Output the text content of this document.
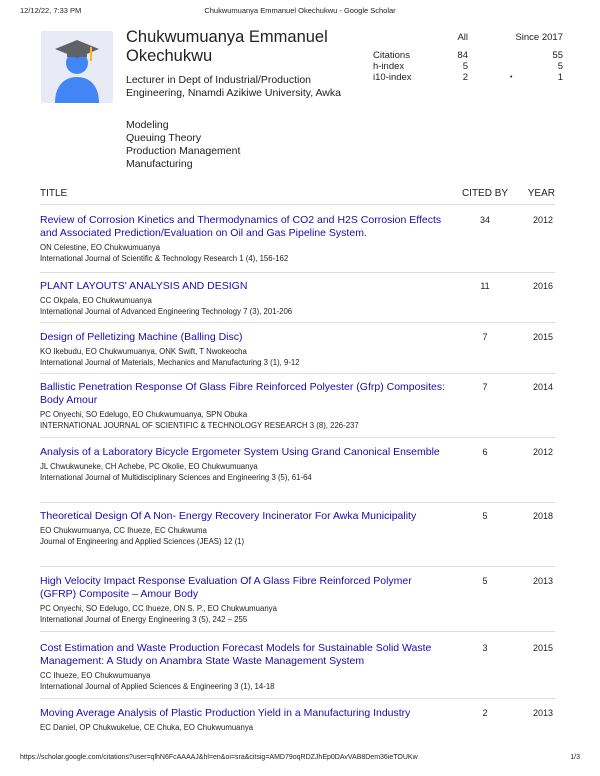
12/12/22, 7:33 PM	Chukwumuanya Emmanuel Okechukwu - Google Scholar
Chukwumuanya Emmanuel Okechukwu
Lecturer in Dept of Industrial/Production Engineering, Nnamdi Azikiwe University, Awka
Modeling
Queuing Theory
Production Management
Manufacturing
All	Since 2017
Citations	84	55
h-index	5	5
i10-index	2	•	1
TITLE	CITED BY	YEAR
Review of Corrosion Kinetics and Thermodynamics of CO2 and H2S Corrosion Effects and Associated Prediction/Evaluation on Oil and Gas Pipeline System.
ON Celestine, EO Chukwumuanya
International Journal of Scientific & Technology Research 1 (4), 156-162
34	2012
PLANT LAYOUTS' ANALYSIS AND DESIGN
CC Okpala, EO Chukwumuanya
International Journal of Advanced Engineering Technology 7 (3), 201-206
11	2016
Design of Pelletizing Machine (Balling Disc)
KO Ikebudu, EO Chukwumuanya, ONK Swift, T Nwokeocha
International Journal of Materials, Mechanics and Manufacturing 3 (1), 9-12
7	2015
Ballistic Penetration Response Of Glass Fibre Reinforced Polyester (Gfrp) Composites: Body Amour
PC Onyechi, SO Edelugo, EO Chukwumuanya, SPN Obuka
INTERNATIONAL JOURNAL OF SCIENTIFIC & TECHNOLOGY RESEARCH 3 (8), 226-237
7	2014
Analysis of a Laboratory Bicycle Ergometer System Using Grand Canonical Ensemble
JL Chwukwuneke, CH Achebe, PC Okolie, EO Chukwumuanya
International Journal of Multidisciplinary Sciences and Engineering 3 (5), 61-64
6	2012
Theoretical Design Of A Non- Energy Recovery Incinerator For Awka Municipality
EO Chukwumuanya, CC Ihueze, EC Chukwuma
Journal of Engineering and Applied Sciences (JEAS) 12 (1)
5	2018
High Velocity Impact Response Evaluation Of A Glass Fibre Reinforced Polymer (GFRP) Composite – Amour Body
PC Onyechi, SO Edelugo, CC Ihueze, ON S. P., EO Chukwumuanya
International Journal of Energy Engineering 3 (5), 242 – 255
5	2013
Cost Estimation and Waste Production Forecast Models for Sustainable Solid Waste Management: A Study on Anambra State Waste Management System
CC Ihueze, EO Chukwumuanya
International Journal of Applied Sciences & Engineering 3 (1), 14-18
3	2015
Moving Average Analysis of Plastic Production Yield in a Manufacturing Industry
EC Daniel, OP Chukwukelue, CE Chuka, EO Chukwumuanya
2	2013
https://scholar.google.com/citations?user=qlhN6FcAAAAJ&hl=en&oi=sra&citsig=AMD79oqRDZJhEp0DAvVAB8Dem36ieTOUKw	1/3
